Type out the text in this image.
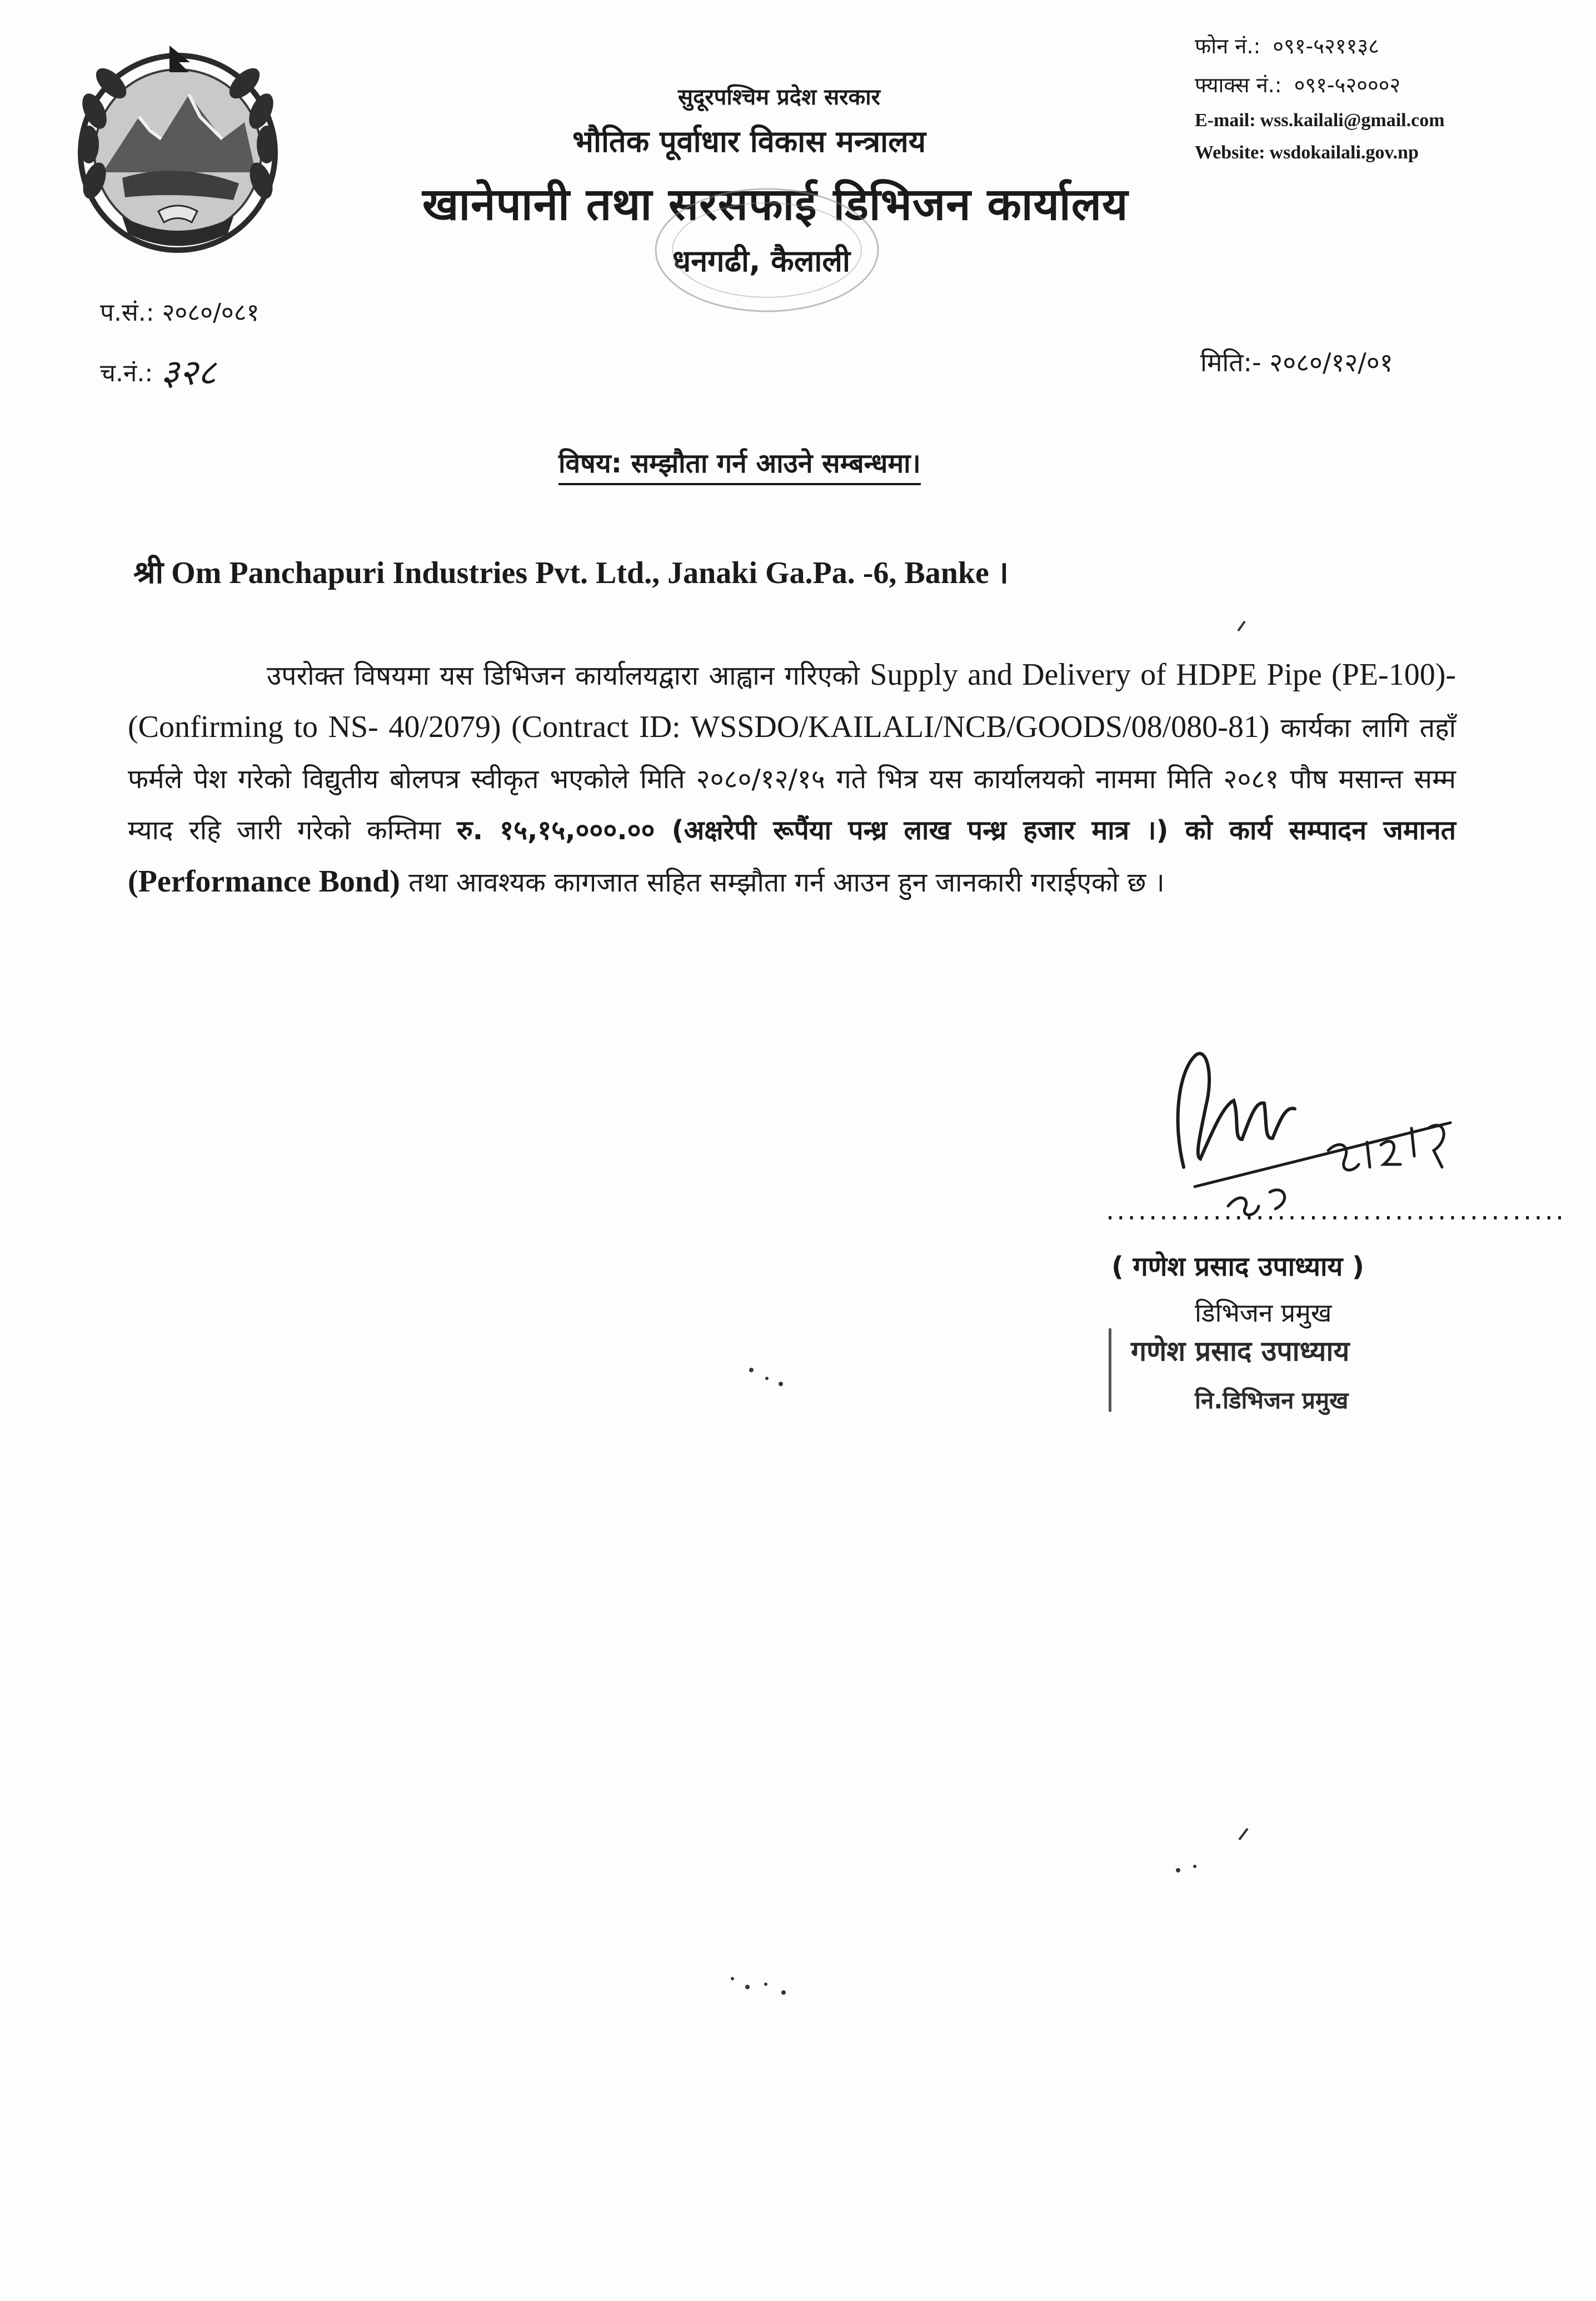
सुदूरपश्चिम प्रदेश सरकार
भौतिक पूर्वाधार विकास मन्त्रालय
खानेपानी तथा सरसफाई डिभिजन कार्यालय
धनगढी, कैलाली
फोन नं.: ०९१-५२११३८
फ्याक्स नं.: ०९१-५२०००२
E-mail: wss.kailali@gmail.com
Website: wsdokailali.gov.np
प.सं.: २०८०/०८१
च.नं.: ३२८	मिति:- २०८०/१२/०१
विषय: सम्झौता गर्न आउने सम्बन्धमा।
श्री Om Panchapuri Industries Pvt. Ltd., Janaki Ga.Pa. -6, Banke ।
उपरोक्त विषयमा यस डिभिजन कार्यालयद्वारा आह्वान गरिएको Supply and Delivery of HDPE Pipe (PE-100)-(Confirming to NS- 40/2079) (Contract ID: WSSDO/KAILALI/NCB/GOODS/08/080-81) कार्यका लागि तहाँ फर्मले पेश गरेको विद्युतीय बोलपत्र स्वीकृत भएकोले मिति २०८०/१२/१५ गते भित्र यस कार्यालयको नाममा मिति २०८१ पौष मसान्त सम्म म्याद रहि जारी गरेको कम्तिमा रु. १५,१५,०००.०० (अक्षरेपी रूपैंया पन्ध्र लाख पन्ध्र हजार मात्र ।) को कार्य सम्पादन जमानत (Performance Bond) तथा आवश्यक कागजात सहित सम्झौता गर्न आउन हुन जानकारी गराईएको छ ।
...........................................
( गणेश प्रसाद उपाध्याय )
डिभिजन प्रमुख
गणेश प्रसाद उपाध्याय
नि.डिभिजन प्रमुख
